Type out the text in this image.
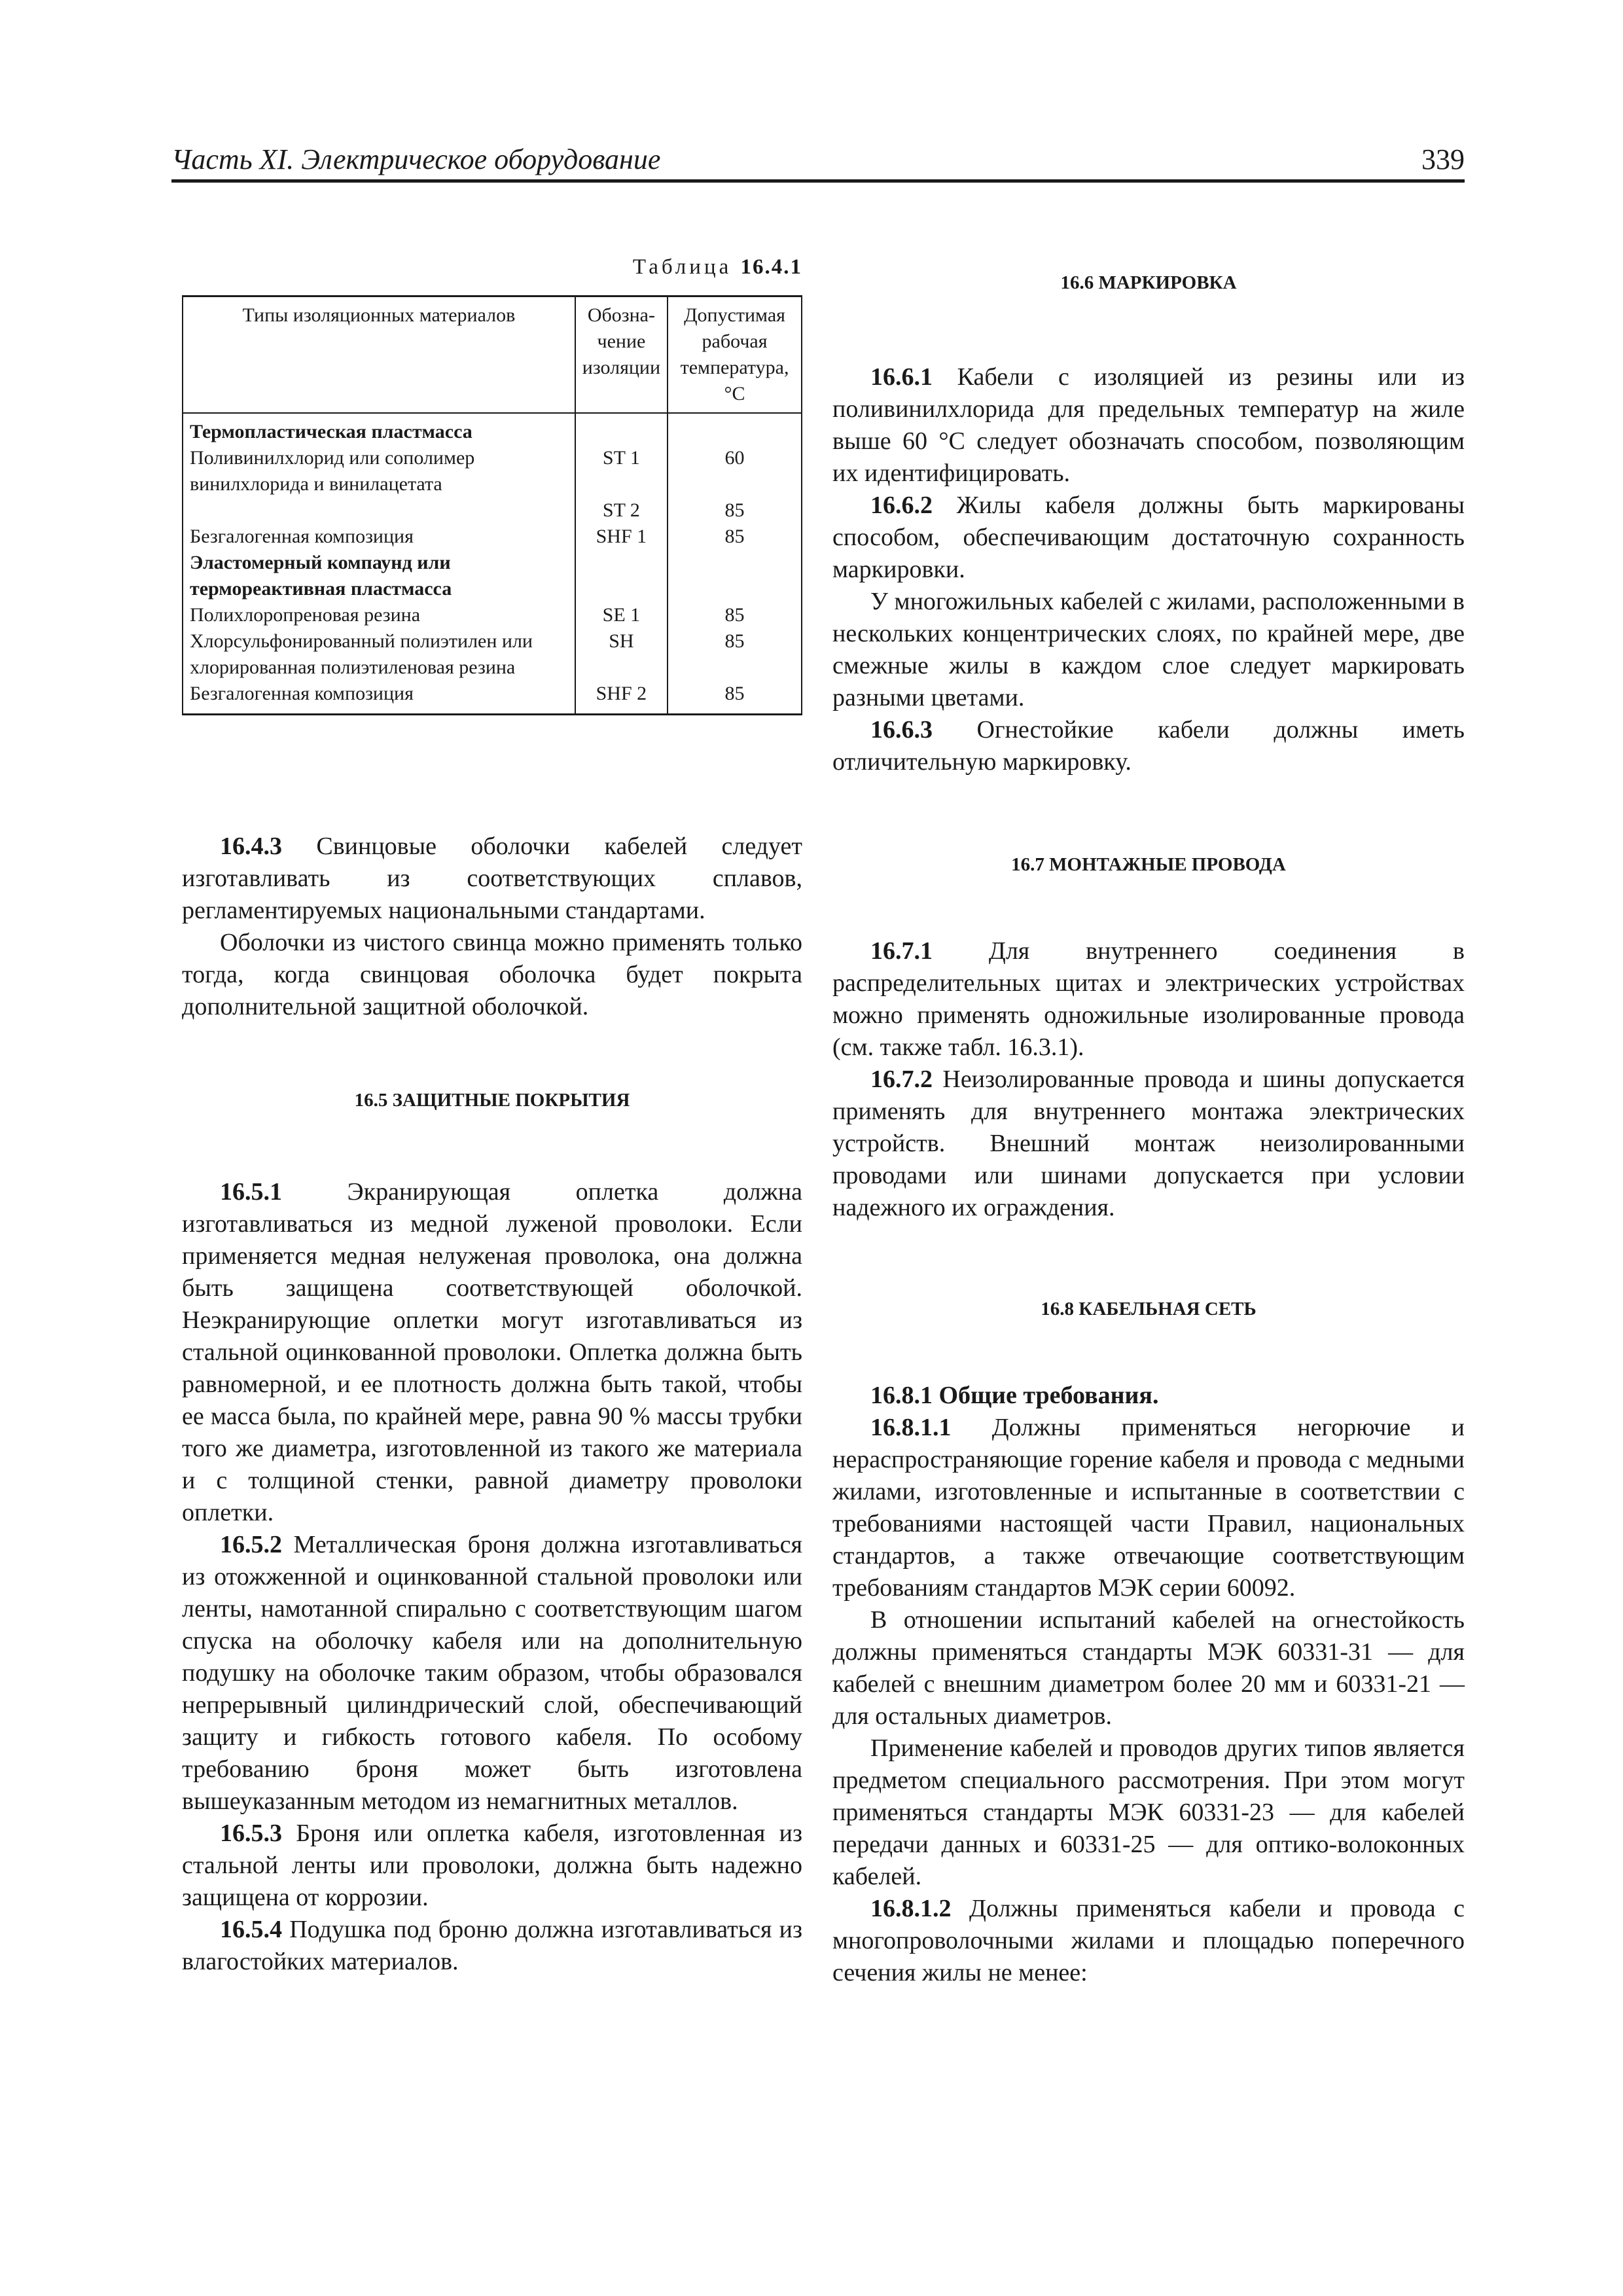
Часть XI. Электрическое оборудование	339
Таблица 16.4.1
Типы изоляционных материалов	Обозна-чение изоляции	Допустимая рабочая температура, °C
Термопластическая пластмасса		
Поливинилхлорид или сополимер винилхлорида и винилацетата	ST 1	60
	ST 2	85
Безгалогенная композиция	SHF 1	85
Эластомерный компаунд или термореактивная пластмасса		
Полихлоропреновая резина	SE 1	85
Хлорсульфонированный полиэтилен или хлорированная полиэтиленовая резина	SH	85
Безгалогенная композиция	SHF 2	85

16.4.3 Свинцовые оболочки кабелей следует изготавливать из соответствующих сплавов, регламентируемых национальными стандартами.

Оболочки из чистого свинца можно применять только тогда, когда свинцовая оболочка будет покрыта дополнительной защитной оболочкой.

16.5 ЗАЩИТНЫЕ ПОКРЫТИЯ

16.5.1 Экранирующая оплетка должна изготавливаться из медной луженой проволоки. Если применяется медная нелуженая проволока, она должна быть защищена соответствующей оболочкой. Неэкранирующие оплетки могут изготавливаться из стальной оцинкованной проволоки. Оплетка должна быть равномерной, и ее плотность должна быть такой, чтобы ее масса была, по крайней мере, равна 90 % массы трубки того же диаметра, изготовленной из такого же материала и с толщиной стенки, равной диаметру проволоки оплетки.

16.5.2 Металлическая броня должна изготавливаться из отожженной и оцинкованной стальной проволоки или ленты, намотанной спирально с соответствующим шагом спуска на оболочку кабеля или на дополнительную подушку на оболочке таким образом, чтобы образовался непрерывный цилиндрический слой, обеспечивающий защиту и гибкость готового кабеля. По особому требованию броня может быть изготовлена вышеуказанным методом из немагнитных металлов.

16.5.3 Броня или оплетка кабеля, изготовленная из стальной ленты или проволоки, должна быть надежно защищена от коррозии.

16.5.4 Подушка под броню должна изготавливаться из влагостойких материалов.

16.6 МАРКИРОВКА

16.6.1 Кабели с изоляцией из резины или из поливинилхлорида для предельных температур на жиле выше 60 °C следует обозначать способом, позволяющим их идентифицировать.

16.6.2 Жилы кабеля должны быть маркированы способом, обеспечивающим достаточную сохранность маркировки.

У многожильных кабелей с жилами, расположенными в нескольких концентрических слоях, по крайней мере, две смежные жилы в каждом слое следует маркировать разными цветами.

16.6.3 Огнестойкие кабели должны иметь отличительную маркировку.

16.7 МОНТАЖНЫЕ ПРОВОДА

16.7.1 Для внутреннего соединения в распределительных щитах и электрических устройствах можно применять одножильные изолированные провода (см. также табл. 16.3.1).

16.7.2 Неизолированные провода и шины допускается применять для внутреннего монтажа электрических устройств. Внешний монтаж неизолированными проводами или шинами допускается при условии надежного их ограждения.

16.8 КАБЕЛЬНАЯ СЕТЬ

16.8.1 Общие требования.

16.8.1.1 Должны применяться негорючие и нераспространяющие горение кабеля и провода с медными жилами, изготовленные и испытанные в соответствии с требованиями настоящей части Правил, национальных стандартов, а также отвечающие соответствующим требованиям стандартов МЭК серии 60092.

В отношении испытаний кабелей на огнестойкость должны применяться стандарты МЭК 60331-31 — для кабелей с внешним диаметром более 20 мм и 60331-21 — для остальных диаметров.

Применение кабелей и проводов других типов является предметом специального рассмотрения. При этом могут применяться стандарты МЭК 60331-23 — для кабелей передачи данных и 60331-25 — для оптико-волоконных кабелей.

16.8.1.2 Должны применяться кабели и провода с многопроволочными жилами и площадью поперечного сечения жилы не менее:
